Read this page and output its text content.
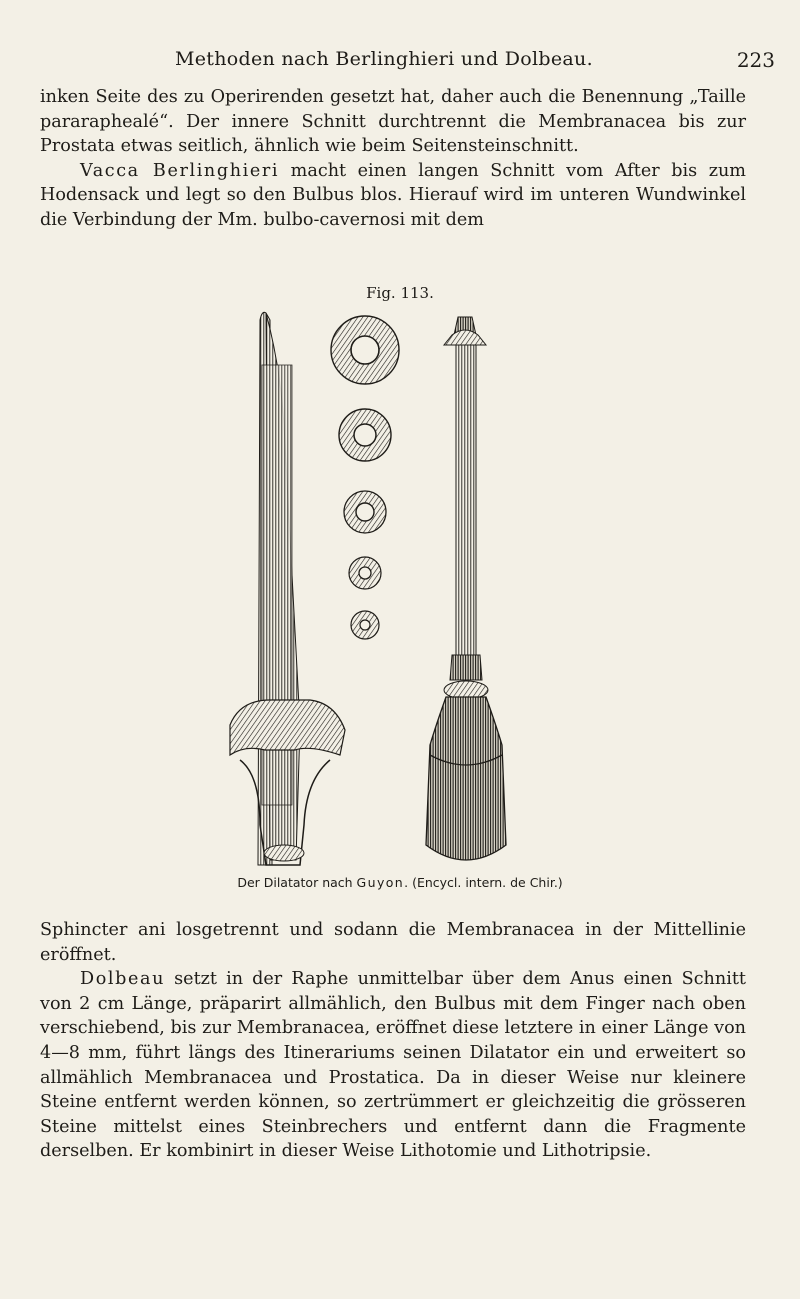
Methoden nach Berlinghieri und Dolbeau.	223

inken Seite des zu Operirenden gesetzt hat, daher auch die Benennung „Taille pararaphealé“. Der innere Schnitt durchtrennt die Membranacea bis zur Prostata etwas seitlich, ähnlich wie beim Seitensteinschnitt.

Vacca Berlinghieri macht einen langen Schnitt vom After bis zum Hodensack und legt so den Bulbus blos. Hierauf wird im unteren Wundwinkel die Verbindung der Mm. bulbo-cavernosi mit dem

Fig. 113.
Der Dilatator nach Guyon. (Encycl. intern. de Chir.)

Sphincter ani losgetrennt und sodann die Membranacea in der Mittellinie eröffnet.

Dolbeau setzt in der Raphe unmittelbar über dem Anus einen Schnitt von 2 cm Länge, präparirt allmählich, den Bulbus mit dem Finger nach oben verschiebend, bis zur Membranacea, eröffnet diese letztere in einer Länge von 4—8 mm, führt längs des Itinerariums seinen Dilatator ein und erweitert so allmählich Membranacea und Prostatica. Da in dieser Weise nur kleinere Steine entfernt werden können, so zertrümmert er gleichzeitig die grösseren Steine mittelst eines Steinbrechers und entfernt dann die Fragmente derselben. Er kombinirt in dieser Weise Lithotomie und Lithotripsie.
